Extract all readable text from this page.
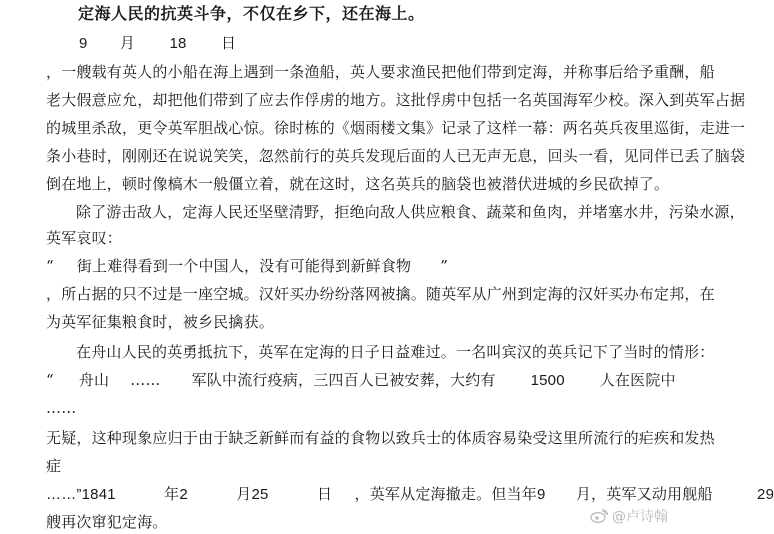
定海人民的抗英斗争，不仅在乡下，还在海上。
9 月 18 日
，一艘载有英人的小船在海上遇到一条渔船，英人要求渔民把他们带到定海，并称事后给予重酬，船
老大假意应允，却把他们带到了应去作俘虏的地方。这批俘虏中包括一名英国海军少校。深入到英军占据
的城里杀敌，更令英军胆战心惊。徐时栋的《烟雨楼文集》记录了这样一幕：两名英兵夜里巡街，走进一
条小巷时，刚刚还在说说笑笑，忽然前行的英兵发现后面的人已无声无息，回头一看，见同伴已丢了脑袋
倒在地上，顿时像槁木一般僵立着，就在这时，这名英兵的脑袋也被潜伏进城的乡民砍掉了。
除了游击敌人，定海人民还坚壁清野，拒绝向敌人供应粮食、蔬菜和鱼肉，并堵塞水井，污染水源，
英军哀叹：
“ 街上难得看到一个中国人，没有可能得到新鲜食物 ”
，所占据的只不过是一座空城。汉奸买办纷纷落网被擒。随英军从广州到定海的汉奸买办布定邦，在
为英军征集粮食时，被乡民擒获。
在舟山人民的英勇抵抗下，英军在定海的日子日益难过。一名叫宾汉的英兵记下了当时的情形：
“ 舟山 …… 军队中流行疫病，三四百人已被安葬，大约有 1500 人在医院中
……
无疑，这种现象应归于由于缺乏新鲜而有益的食物以致兵士的体质容易染受这里所流行的疟疾和发热
症
……”1841	年2	月25	日 ，英军从定海撤走。但当年9 月，英军又动用舰船	29
艘再次窜犯定海。	@卢诗翰
